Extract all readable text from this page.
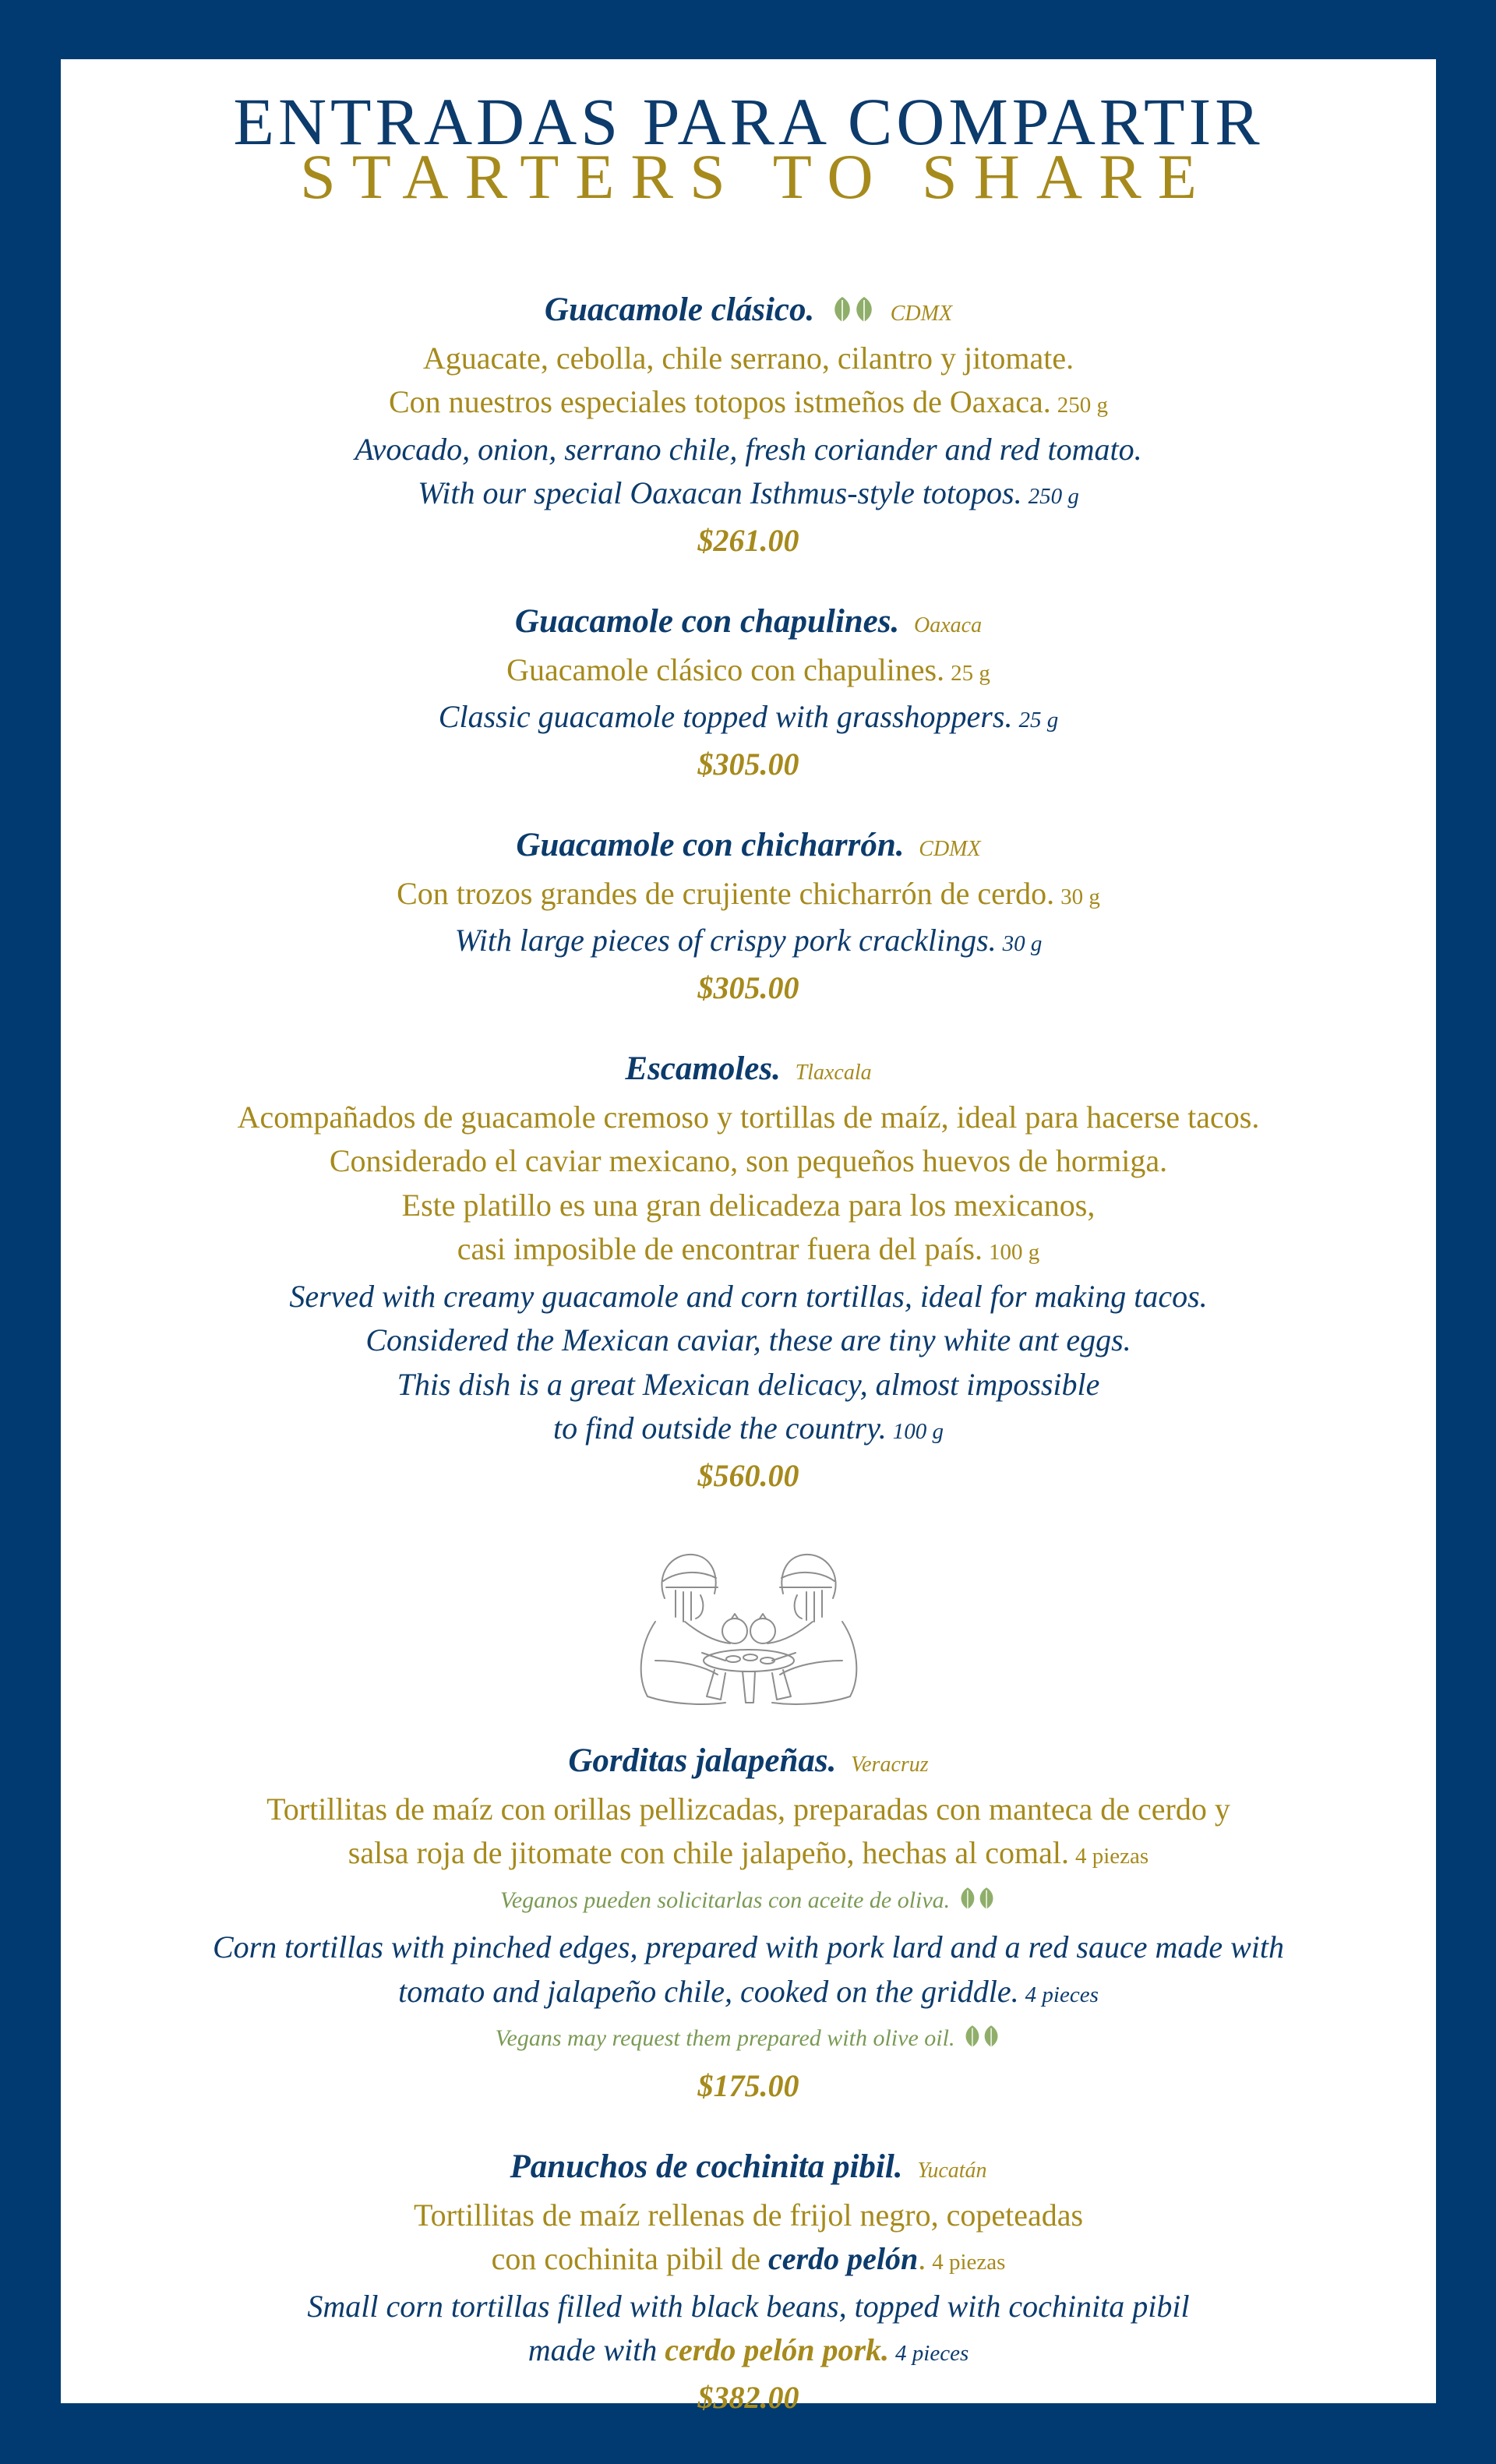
ENTRADAS PARA COMPARTIR
STARTERS TO SHARE
Guacamole clásico.	CDMX
Aguacate, cebolla, chile serrano, cilantro y jitomate.
Con nuestros especiales totopos istmeños de Oaxaca. 250 g
Avocado, onion, serrano chile, fresh coriander and red tomato.
With our special Oaxacan Isthmus-style totopos. 250 g
$261.00
Guacamole con chapulines. Oaxaca
Guacamole clásico con chapulines. 25 g
Classic guacamole topped with grasshoppers. 25 g
$305.00
Guacamole con chicharrón. CDMX
Con trozos grandes de crujiente chicharrón de cerdo. 30 g
With large pieces of crispy pork cracklings. 30 g
$305.00
Escamoles. Tlaxcala
Acompañados de guacamole cremoso y tortillas de maíz, ideal para hacerse tacos.
Considerado el caviar mexicano, son pequeños huevos de hormiga.
Este platillo es una gran delicadeza para los mexicanos,
casi imposible de encontrar fuera del país. 100 g
Served with creamy guacamole and corn tortillas, ideal for making tacos.
Considered the Mexican caviar, these are tiny white ant eggs.
This dish is a great Mexican delicacy, almost impossible
to find outside the country. 100 g
$560.00
Gorditas jalapeñas. Veracruz
Tortillitas de maíz con orillas pellizcadas, preparadas con manteca de cerdo y
salsa roja de jitomate con chile jalapeño, hechas al comal. 4 piezas
Veganos pueden solicitarlas con aceite de oliva.
Corn tortillas with pinched edges, prepared with pork lard and a red sauce made with
tomato and jalapeño chile, cooked on the griddle. 4 pieces
Vegans may request them prepared with olive oil.
$175.00
Panuchos de cochinita pibil. Yucatán
Tortillitas de maíz rellenas de frijol negro, copeteadas
con cochinita pibil de cerdo pelón. 4 piezas
Small corn tortillas filled with black beans, topped with cochinita pibil
made with cerdo pelón pork. 4 pieces
$382.00
